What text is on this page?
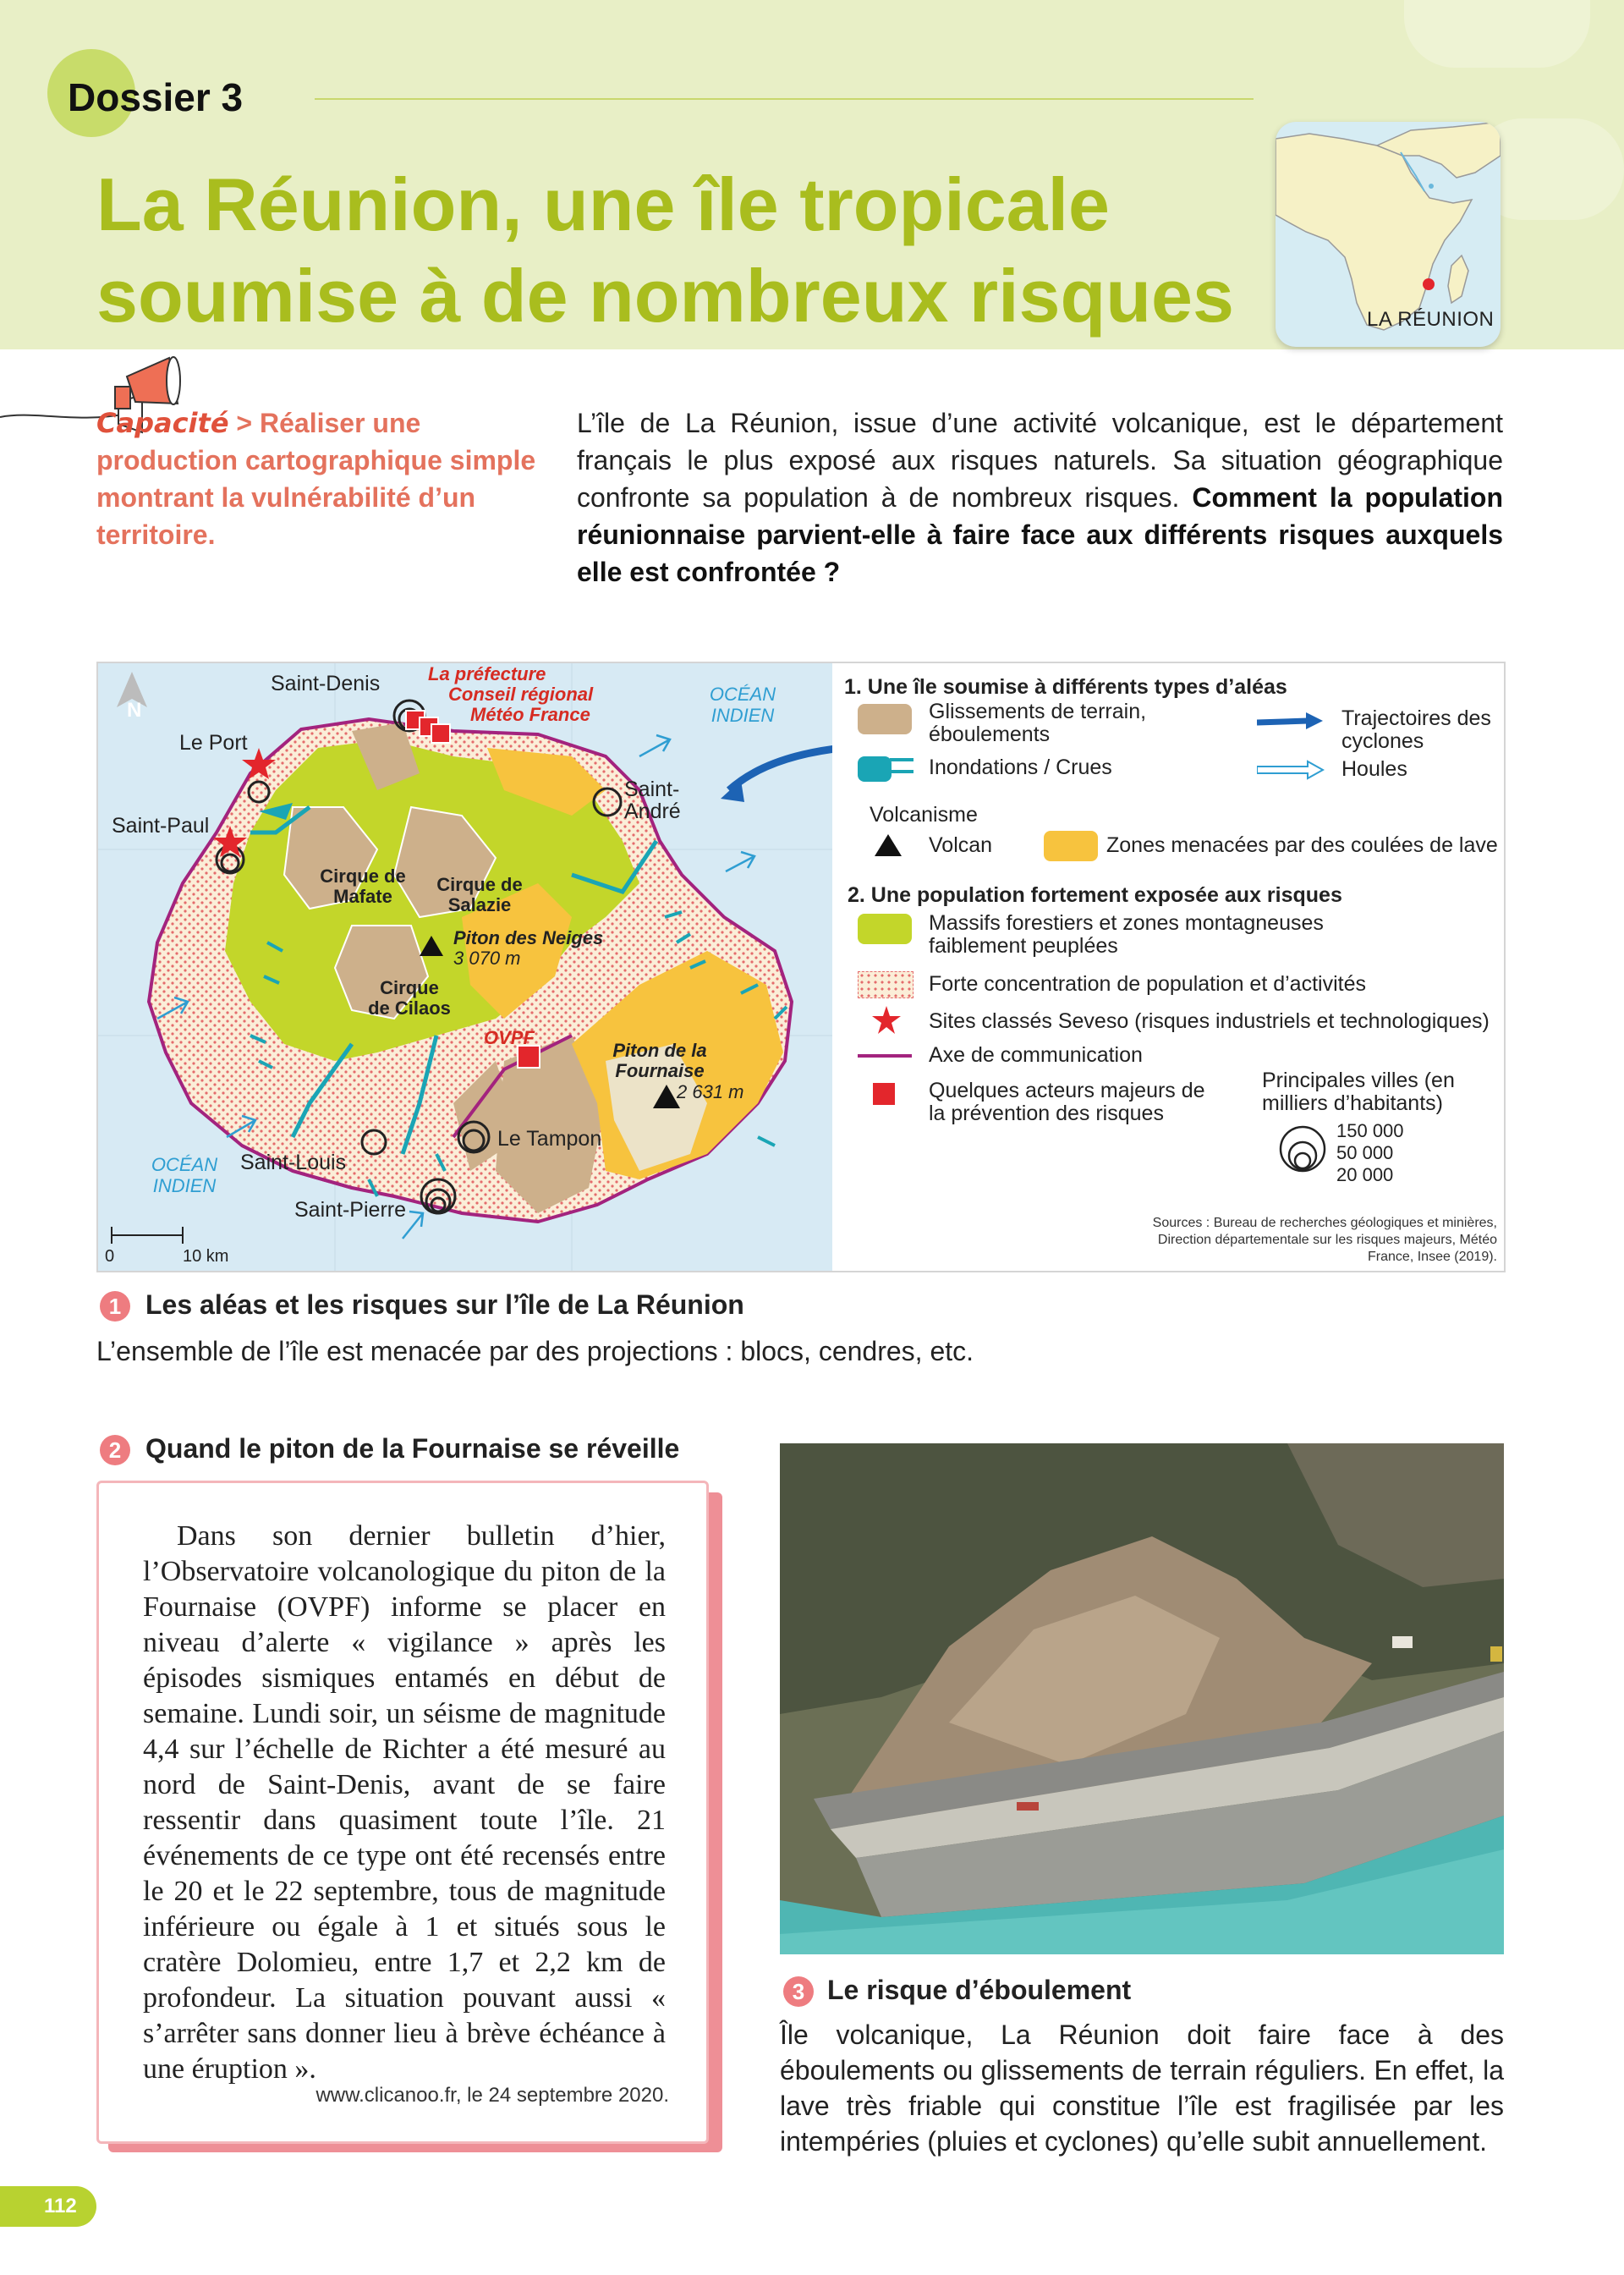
Dossier 3
La Réunion, une île tropicale
soumise à de nombreux risques	LA RÉUNION
Capacité > Réaliser une production cartographique simple montrant la vulnérabilité d’un territoire.
L’île de La Réunion, issue d’une activité volcanique, est le département français le plus exposé aux risques naturels. Sa situation géographique confronte sa population à de nombreux risques. Comment la population réunionnaise parvient-elle à faire face aux différents risques auxquels elle est confrontée ?
N
Saint-Denis
Le Port
Saint-Paul
Saint-André
Saint-Louis
Saint-Pierre
Le Tampon
La préfecture
Conseil régional
Météo France
OVPF
Cirque de Mafate
Cirque de Salazie
Cirque de Cilaos
Piton des Neiges
3 070 m
Piton de la Fournaise
2 631 m
OCÉAN INDIEN
OCÉAN INDIEN
0	10 km
1. Une île soumise à différents types d’aléas
Glissements de terrain, éboulements
Inondations / Crues
Trajectoires des cyclones
Houles
Volcanisme
Volcan	Zones menacées par des coulées de lave
2. Une population fortement exposée aux risques
Massifs forestiers et zones montagneuses faiblement peuplées
Forte concentration de population et d’activités
Sites classés Seveso (risques industriels et technologiques)
Axe de communication
Quelques acteurs majeurs de la prévention des risques
Principales villes (en milliers d’habitants)
150 000
50 000
20 000
Sources : Bureau de recherches géologiques et minières, Direction départementale sur les risques majeurs, Météo France, Insee (2019).
1 Les aléas et les risques sur l’île de La Réunion
L’ensemble de l’île est menacée par des projections : blocs, cendres, etc.
2 Quand le piton de la Fournaise se réveille
Dans son dernier bulletin d’hier, l’Observatoire volcanologique du piton de la Fournaise (OVPF) informe se placer en niveau d’alerte « vigilance » après les épisodes sismiques entamés en début de semaine. Lundi soir, un séisme de magnitude 4,4 sur l’échelle de Richter a été mesuré au nord de Saint-Denis, avant de se faire ressentir dans quasiment toute l’île. 21 événements de ce type ont été recensés entre le 20 et le 22 septembre, tous de magnitude inférieure ou égale à 1 et situés sous le cratère Dolomieu, entre 1,7 et 2,2 km de profondeur. La situation pouvant aussi « s’arrêter sans donner lieu à brève échéance à une éruption ».
www.clicanoo.fr, le 24 septembre 2020.
3 Le risque d’éboulement
Île volcanique, La Réunion doit faire face à des éboulements ou glissements de terrain réguliers. En effet, la lave très friable qui constitue l’île est fragilisée par les intempéries (pluies et cyclones) qu’elle subit annuellement.
112
